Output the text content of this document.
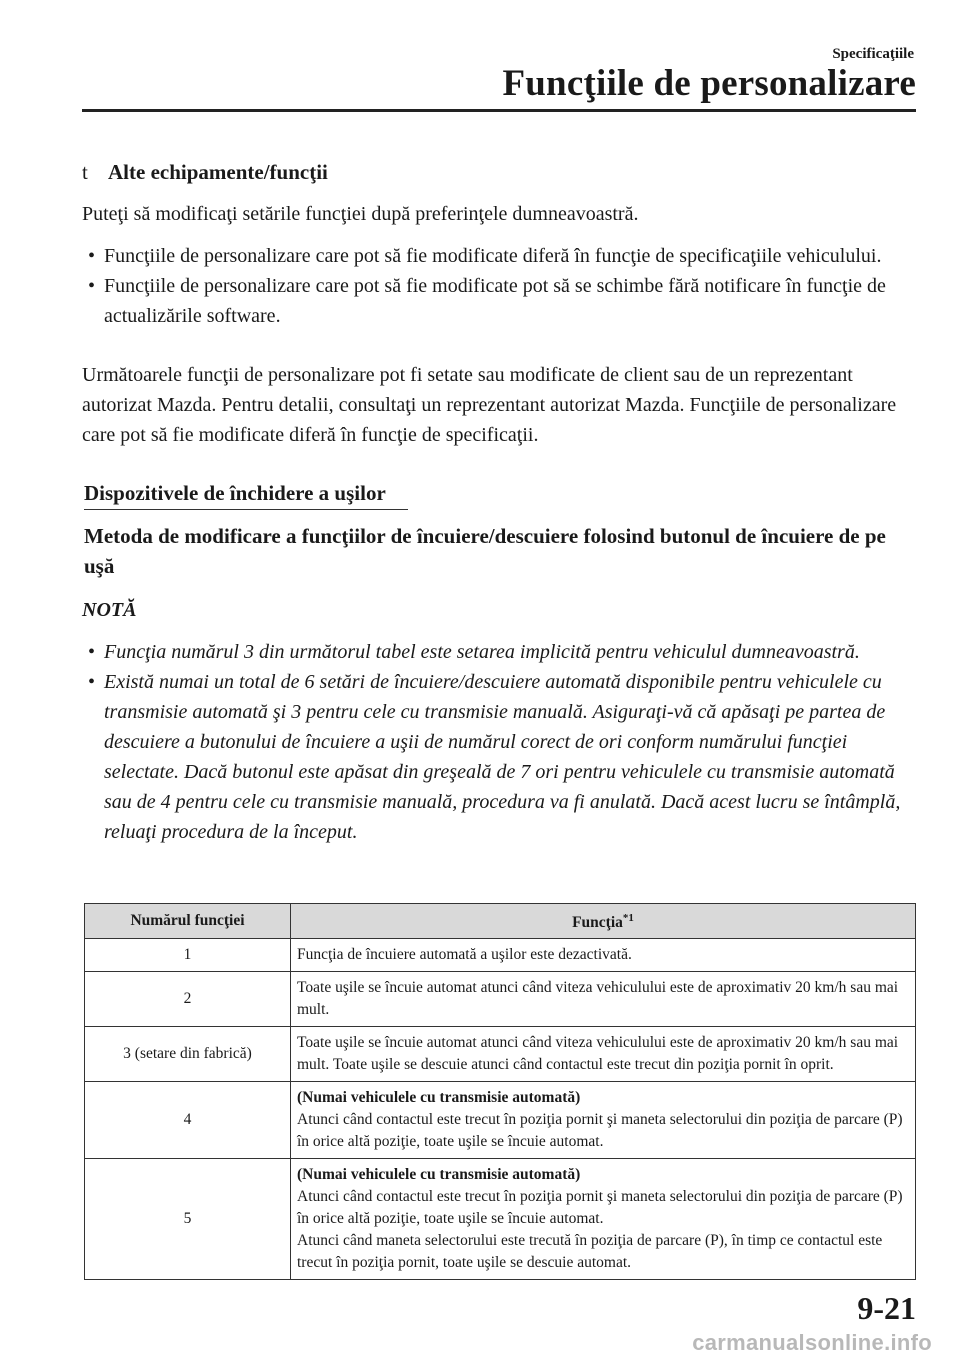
Specificaţiile
Funcţiile de personalizare
t Alte echipamente/funcţii
Puteţi să modificaţi setările funcţiei după preferinţele dumneavoastră.
• Funcţiile de personalizare care pot să fie modificate diferă în funcţie de specificaţiile vehiculului.
• Funcţiile de personalizare care pot să fie modificate pot să se schimbe fără notificare în funcţie de actualizările software.
Următoarele funcţii de personalizare pot fi setate sau modificate de client sau de un reprezentant autorizat Mazda. Pentru detalii, consultaţi un reprezentant autorizat Mazda. Funcţiile de personalizare care pot să fie modificate diferă în funcţie de specificaţii.
Dispozitivele de închidere a uşilor
Metoda de modificare a funcţiilor de încuiere/descuiere folosind butonul de încuiere de pe uşă
NOTĂ
• Funcţia numărul 3 din următorul tabel este setarea implicită pentru vehiculul dumneavoastră.
• Există numai un total de 6 setări de încuiere/descuiere automată disponibile pentru vehiculele cu transmisie automată şi 3 pentru cele cu transmisie manuală. Asiguraţi-vă că apăsaţi pe partea de descuiere a butonului de încuiere a uşii de numărul corect de ori conform numărului funcţiei selectate. Dacă butonul este apăsat din greşeală de 7 ori pentru vehiculele cu transmisie automată sau de 4 pentru cele cu transmisie manuală, procedura va fi anulată. Dacă acest lucru se întâmplă, reluaţi procedura de la început.
Numărul funcţiei	Funcţia$^{*1}$
1	Funcţia de încuiere automată a uşilor este dezactivată.

2	Toate uşile se încuie automat atunci când viteza vehiculului este de aproximativ 20 km/h sau mai mult.

3 (setare din fabrică)	Toate uşile se încuie automat atunci când viteza vehiculului este de aproximativ 20 km/h sau mai mult. Toate uşile se descuie atunci când contactul este trecut din poziţia pornit în oprit.

4	(Numai vehiculele cu transmisie automată)
Atunci când contactul este trecut în poziţia pornit şi maneta selectorului din poziţia de parcare (P) în orice altă poziţie, toate uşile se încuie automat.

5	(Numai vehiculele cu transmisie automată)
Atunci când contactul este trecut în poziţia pornit şi maneta selectorului din poziţia de parcare (P) în orice altă poziţie, toate uşile se încuie automat.
Atunci când maneta selectorului este trecută în poziţia de parcare (P), în timp ce contactul este trecut în poziţia pornit, toate uşile se descuie automat.
9-21
carmanualsonline.info
